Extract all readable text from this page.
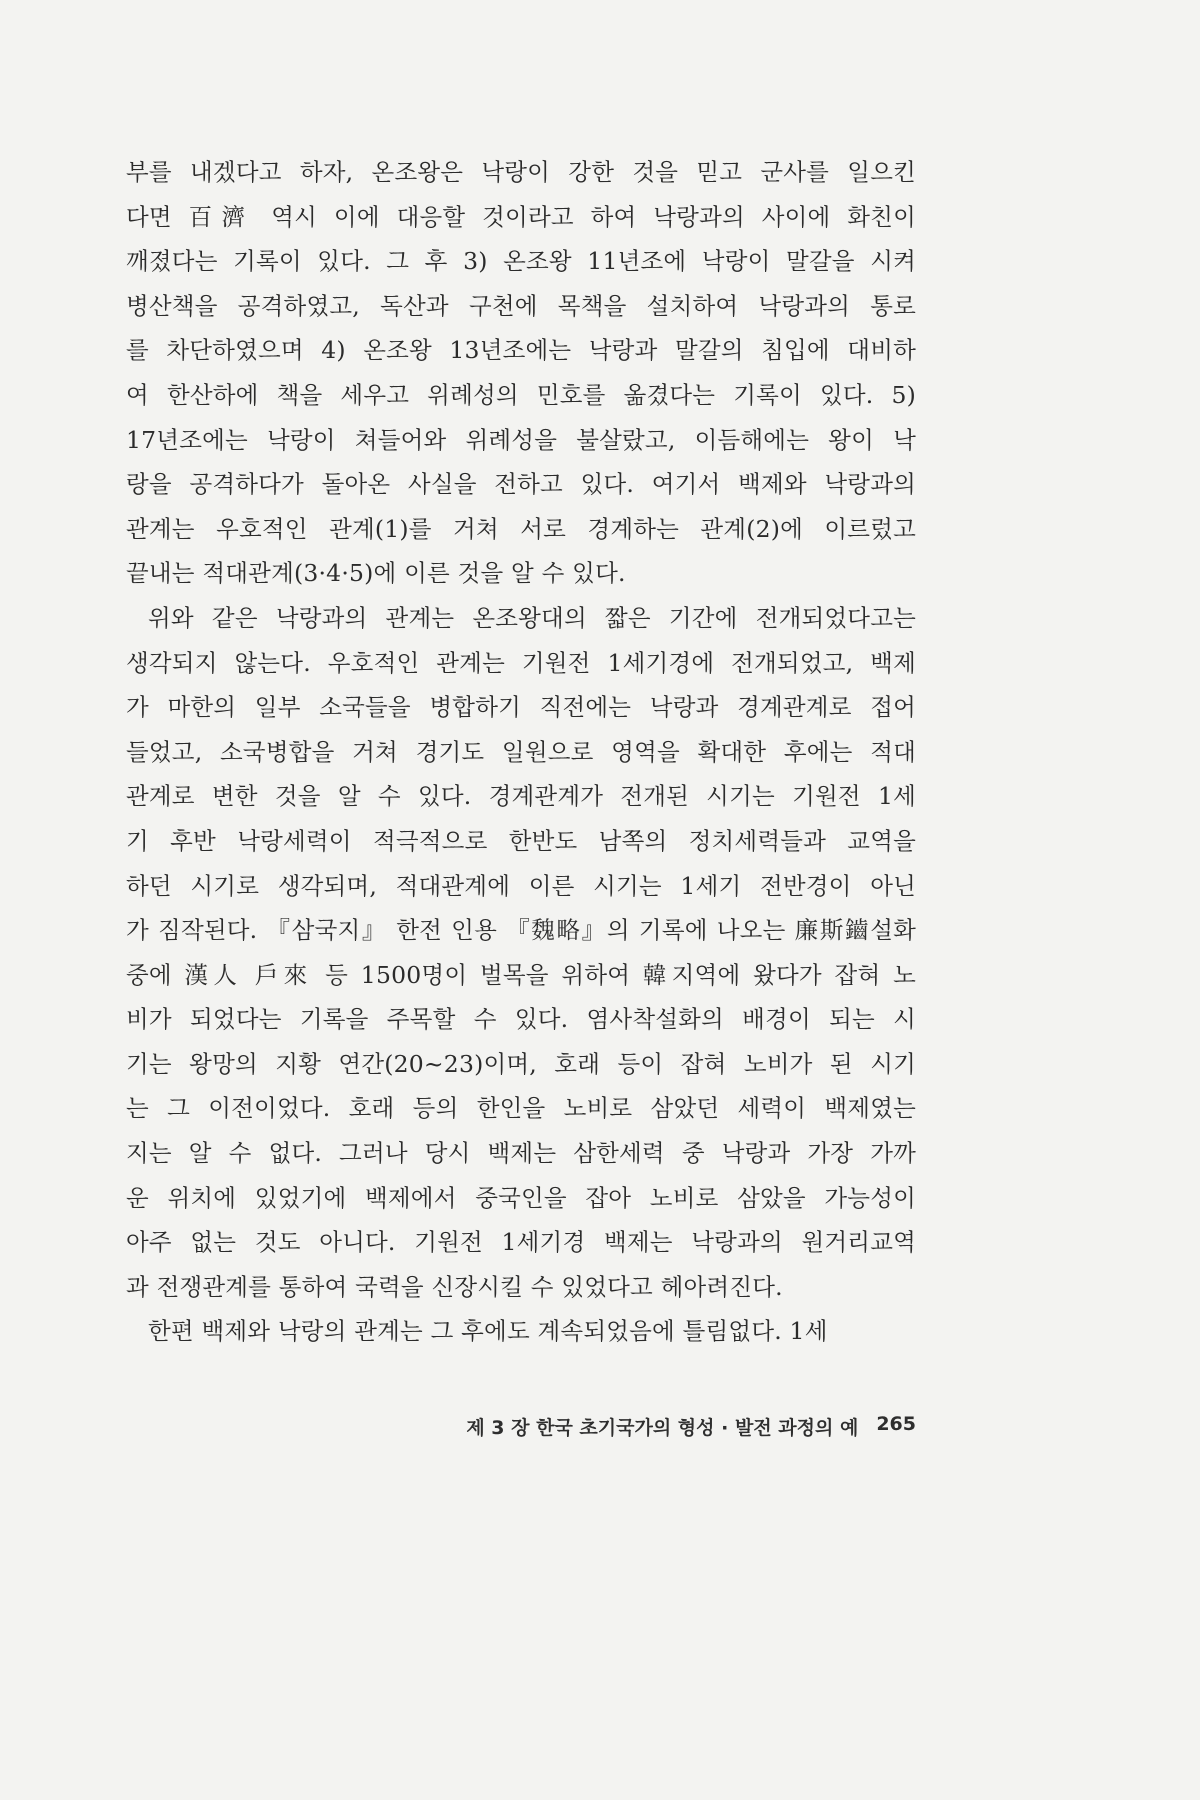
부를 내겠다고 하자, 온조왕은 낙랑이 강한 것을 믿고 군사를 일으킨
다면 百濟 역시 이에 대응할 것이라고 하여 낙랑과의 사이에 화친이
깨졌다는 기록이 있다. 그 후 3) 온조왕 11년조에 낙랑이 말갈을 시켜
병산책을 공격하였고, 독산과 구천에 목책을 설치하여 낙랑과의 통로
를 차단하였으며 4) 온조왕 13년조에는 낙랑과 말갈의 침입에 대비하
여 한산하에 책을 세우고 위례성의 민호를 옮겼다는 기록이 있다. 5)
17년조에는 낙랑이 쳐들어와 위례성을 불살랐고, 이듬해에는 왕이 낙
랑을 공격하다가 돌아온 사실을 전하고 있다. 여기서 백제와 낙랑과의
관계는 우호적인 관계(1)를 거쳐 서로 경계하는 관계(2)에 이르렀고
끝내는 적대관계(3·4·5)에 이른 것을 알 수 있다.
위와 같은 낙랑과의 관계는 온조왕대의 짧은 기간에 전개되었다고는
생각되지 않는다. 우호적인 관계는 기원전 1세기경에 전개되었고, 백제
가 마한의 일부 소국들을 병합하기 직전에는 낙랑과 경계관계로 접어
들었고, 소국병합을 거쳐 경기도 일원으로 영역을 확대한 후에는 적대
관계로 변한 것을 알 수 있다. 경계관계가 전개된 시기는 기원전 1세
기 후반 낙랑세력이 적극적으로 한반도 남쪽의 정치세력들과 교역을
하던 시기로 생각되며, 적대관계에 이른 시기는 1세기 전반경이 아닌
가 짐작된다. 『삼국지』 한전 인용 『魏略』의 기록에 나오는 廉斯鑡설화
중에 漢人 戶來 등 1500명이 벌목을 위하여 韓지역에 왔다가 잡혀 노
비가 되었다는 기록을 주목할 수 있다. 염사착설화의 배경이 되는 시
기는 왕망의 지황 연간(20~23)이며, 호래 등이 잡혀 노비가 된 시기
는 그 이전이었다. 호래 등의 한인을 노비로 삼았던 세력이 백제였는
지는 알 수 없다. 그러나 당시 백제는 삼한세력 중 낙랑과 가장 가까
운 위치에 있었기에 백제에서 중국인을 잡아 노비로 삼았을 가능성이
아주 없는 것도 아니다. 기원전 1세기경 백제는 낙랑과의 원거리교역
과 전쟁관계를 통하여 국력을 신장시킬 수 있었다고 헤아려진다.
한편 백제와 낙랑의 관계는 그 후에도 계속되었음에 틀림없다. 1세
제 3 장 한국 초기국가의 형성 · 발전 과정의 예 265
